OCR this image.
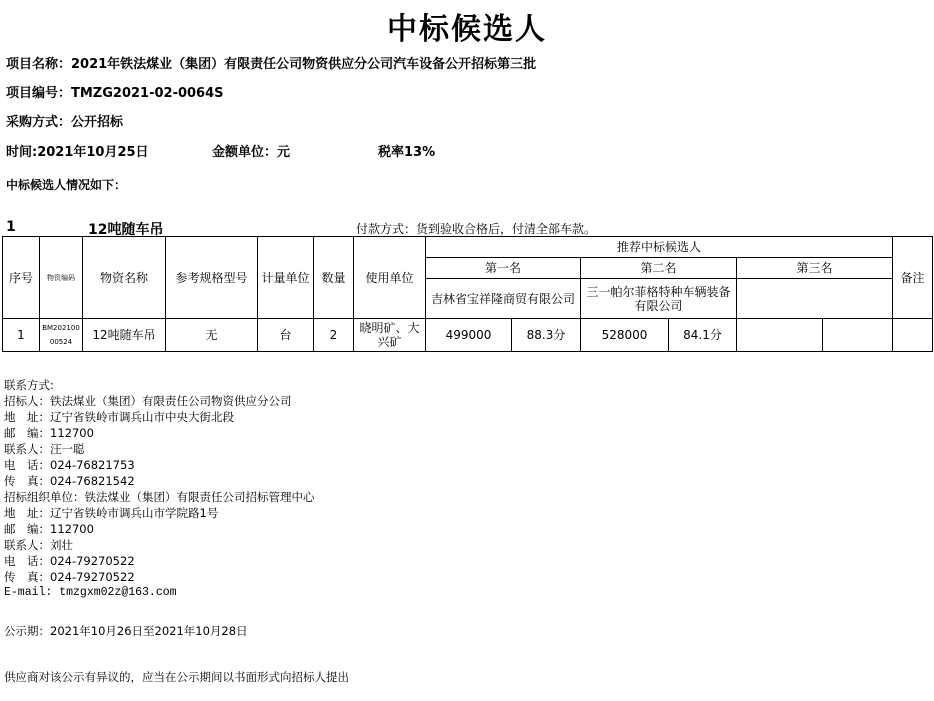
中标候选人
项目名称：2021年铁法煤业（集团）有限责任公司物资供应分公司汽车设备公开招标第三批
项目编号：TMZG2021-02-0064S
采购方式：公开招标
时间:2021年10月25日	金额单位：元	税率13%
中标候选人情况如下：
1	12吨随车吊	付款方式：货到验收合格后，付清全部车款。
序号	物资编码	物资名称	参考规格型号	计量单位	数量	使用单位	推荐中标候选人						备注
							第一名		第二名		第三名		
							吉林省宝祥隆商贸有限公司		三一帕尔菲格特种车辆装备有限公司				
1	BM20210000524	12吨随车吊	无	台	2	晓明矿、大兴矿	499000	88.3分	528000	84.1分			
联系方式:
招标人：铁法煤业（集团）有限责任公司物资供应分公司
地　址：辽宁省铁岭市调兵山市中央大街北段
邮　编：112700
联系人：汪一聪
电　话：024-76821753
传　真：024-76821542
招标组织单位：铁法煤业（集团）有限责任公司招标管理中心
地　址：辽宁省铁岭市调兵山市学院路1号
邮　编：112700
联系人：刘壮
电　话：024-79270522
传　真：024-79270522
E-mail: tmzgxm02z@163.com
公示期：2021年10月26日至2021年10月28日
供应商对该公示有异议的，应当在公示期间以书面形式向招标人提出
